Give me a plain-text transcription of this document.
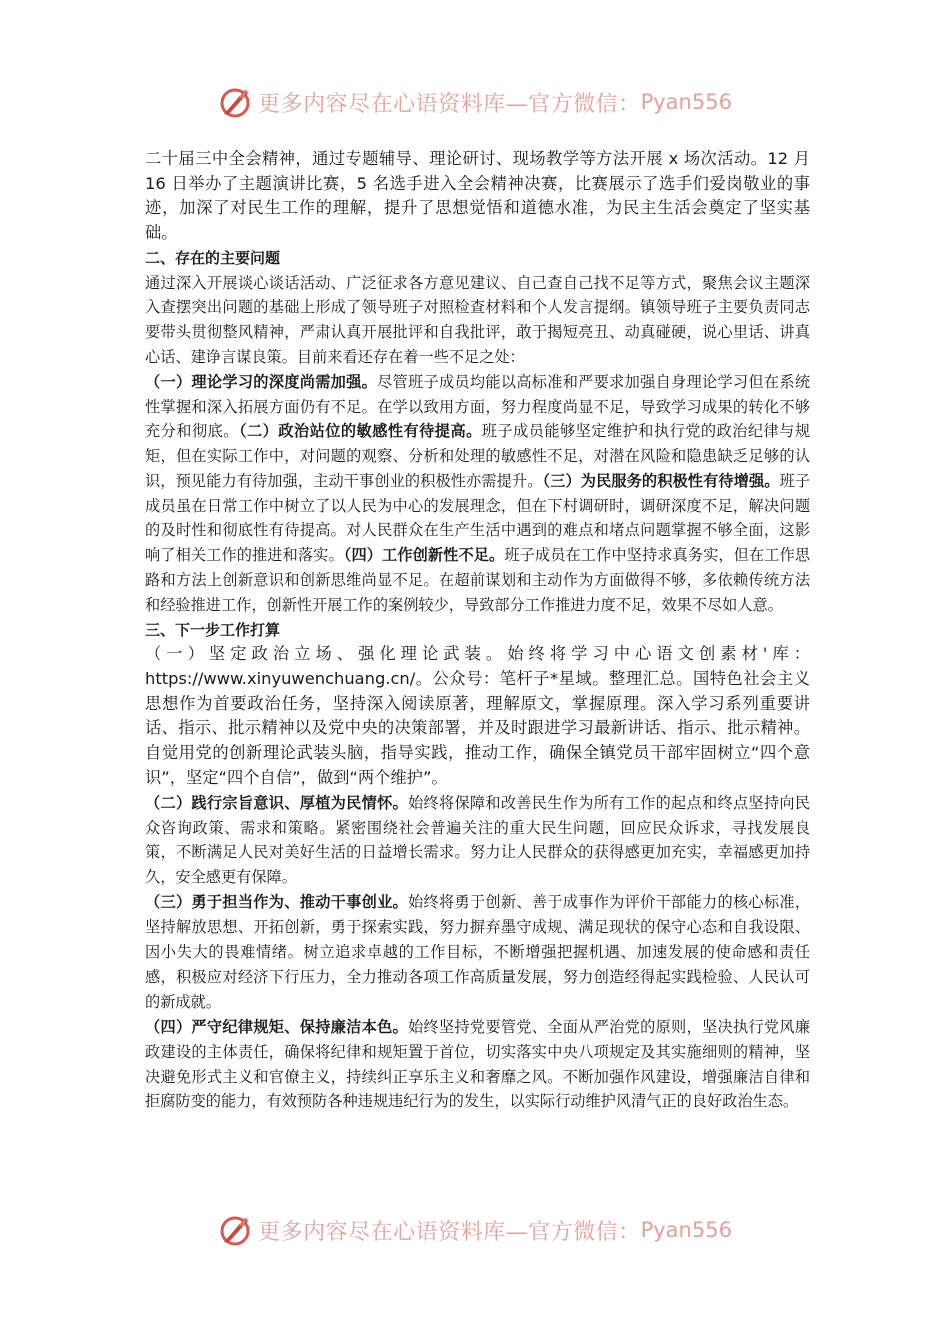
更多内容尽在心语资料库—官方微信： Pyan556

二十届三中全会精神，通过专题辅导、理论研讨、现场教学等方法开展 x 场次活动。12 月 16 日举办了主题演讲比赛，5 名选手进入全会精神决赛，比赛展示了选手们爱岗敬业的事迹，加深了对民生工作的理解，提升了思想觉悟和道德水准，为民主生活会奠定了坚实基础。

二、存在的主要问题

通过深入开展谈心谈话活动、广泛征求各方意见建议、自己查自己找不足等方式，聚焦会议主题深入查摆突出问题的基础上形成了领导班子对照检查材料和个人发言提纲。镇领导班子主要负责同志要带头贯彻整风精神，严肃认真开展批评和自我批评，敢于揭短亮丑、动真碰硬，说心里话、讲真心话、建诤言谋良策。目前来看还存在着一些不足之处：

（一）理论学习的深度尚需加强。尽管班子成员均能以高标准和严要求加强自身理论学习但在系统性掌握和深入拓展方面仍有不足。在学以致用方面，努力程度尚显不足，导致学习成果的转化不够充分和彻底。（二）政治站位的敏感性有待提高。班子成员能够坚定维护和执行党的政治纪律与规矩，但在实际工作中，对问题的观察、分析和处理的敏感性不足，对潜在风险和隐患缺乏足够的认识，预见能力有待加强，主动干事创业的积极性亦需提升。（三）为民服务的积极性有待增强。班子成员虽在日常工作中树立了以人民为中心的发展理念，但在下村调研时，调研深度不足，解决问题的及时性和彻底性有待提高。对人民群众在生产生活中遇到的难点和堵点问题掌握不够全面，这影响了相关工作的推进和落实。（四）工作创新性不足。班子成员在工作中坚持求真务实，但在工作思路和方法上创新意识和创新思维尚显不足。在超前谋划和主动作为方面做得不够，多依赖传统方法和经验推进工作，创新性开展工作的案例较少，导致部分工作推进力度不足，效果不尽如人意。

三、下一步工作打算

（一）坚定政治立场、强化理论武装。始终将学习中心语文创素材'库：https://www.xinyuwenchuang.cn/。公众号：笔杆子*星域。整理汇总。国特色社会主义思想作为首要政治任务，坚持深入阅读原著，理解原文，掌握原理。深入学习系列重要讲话、指示、批示精神以及党中央的决策部署，并及时跟进学习最新讲话、指示、批示精神。自觉用党的创新理论武装头脑，指导实践，推动工作，确保全镇党员干部牢固树立“四个意识”，坚定“四个自信”，做到“两个维护”。

（二）践行宗旨意识、厚植为民情怀。始终将保障和改善民生作为所有工作的起点和终点坚持向民众咨询政策、需求和策略。紧密围绕社会普遍关注的重大民生问题，回应民众诉求，寻找发展良策，不断满足人民对美好生活的日益增长需求。努力让人民群众的获得感更加充实，幸福感更加持久，安全感更有保障。

（三）勇于担当作为、推动干事创业。始终将勇于创新、善于成事作为评价干部能力的核心标准，坚持解放思想、开拓创新，勇于探索实践，努力摒弃墨守成规、满足现状的保守心态和自我设限、因小失大的畏难情绪。树立追求卓越的工作目标，不断增强把握机遇、加速发展的使命感和责任感，积极应对经济下行压力，全力推动各项工作高质量发展，努力创造经得起实践检验、人民认可的新成就。

（四）严守纪律规矩、保持廉洁本色。始终坚持党要管党、全面从严治党的原则，坚决执行党风廉政建设的主体责任，确保将纪律和规矩置于首位，切实落实中央八项规定及其实施细则的精神，坚决避免形式主义和官僚主义，持续纠正享乐主义和奢靡之风。不断加强作风建设，增强廉洁自律和拒腐防变的能力，有效预防各种违规违纪行为的发生，以实际行动维护风清气正的良好政治生态。

更多内容尽在心语资料库—官方微信： Pyan556
